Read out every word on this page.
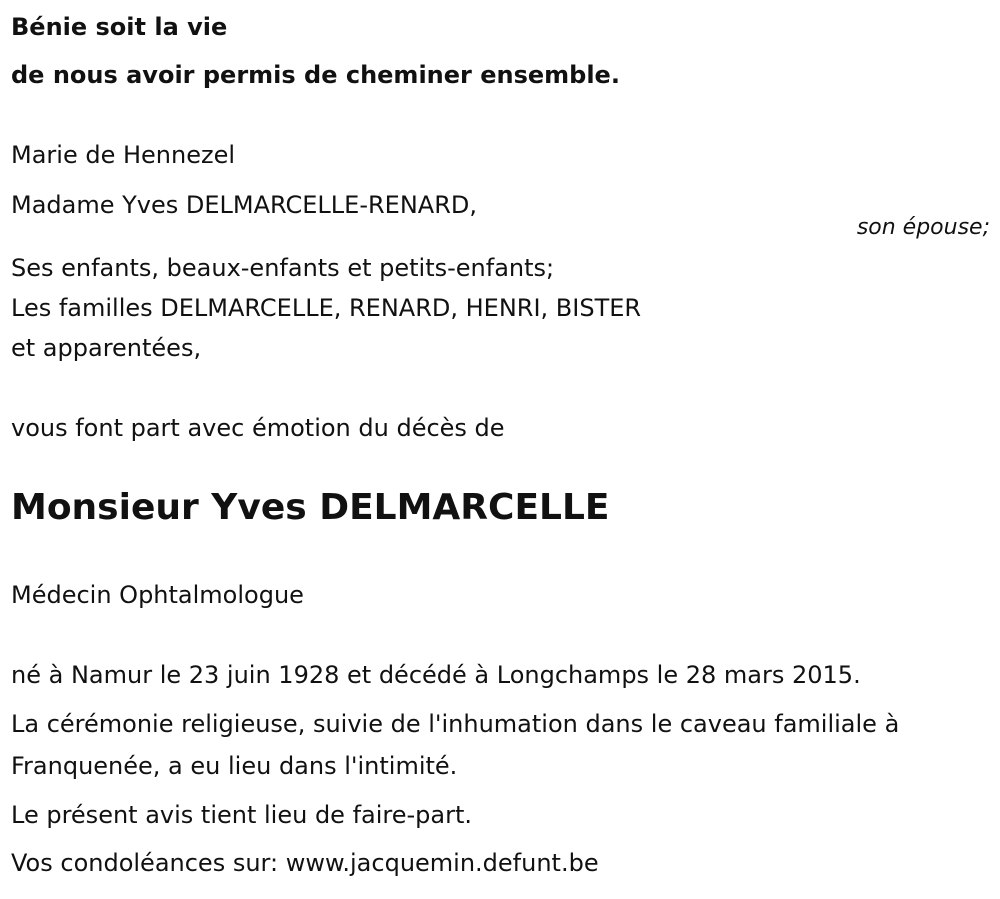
Bénie soit la vie
de nous avoir permis de cheminer ensemble.
Marie de Hennezel
Madame Yves DELMARCELLE-RENARD,
son épouse;
Ses enfants, beaux-enfants et petits-enfants;
Les familles DELMARCELLE, RENARD, HENRI, BISTER
et apparentées,
vous font part avec émotion du décès de
Monsieur Yves DELMARCELLE
Médecin Ophtalmologue
né à Namur le 23 juin 1928 et décédé à Longchamps le 28 mars 2015.
La cérémonie religieuse, suivie de l'inhumation dans le caveau familiale à Franquenée, a eu lieu dans l'intimité.
Le présent avis tient lieu de faire-part.
Vos condoléances sur: www.jacquemin.defunt.be
